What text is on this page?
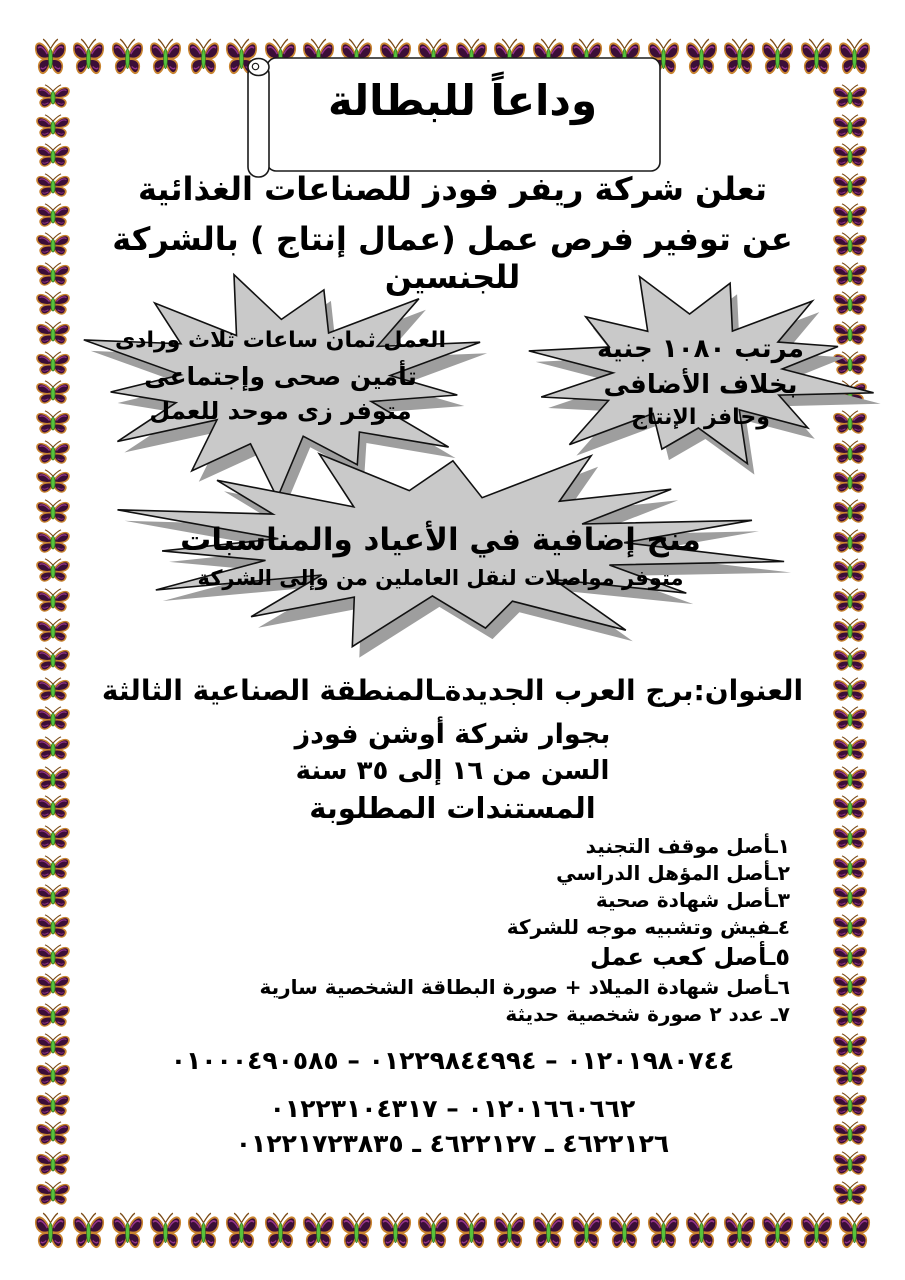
وداعاً للبطالة
تعلن شركة ريفر فودز للصناعات الغذائية
عن توفير فرص عمل (عمال إنتاج ) بالشركة للجنسين
العمل ثمان ساعات ثلاث ورادى
تأمين صحى وإجتماعى
متوفر زى موحد للعمل
مرتب ١٠٨٠ جنيه
بخلاف الأضافى
وحافز الإنتاج
منح إضافية في الأعياد والمناسبات
متوفر مواصلات لنقل العاملين من وإلى الشركة
العنوان:برج العرب الجديدةـالمنطقة الصناعية الثالثة
بجوار شركة أوشن فودز
السن من ١٦ إلى ٣٥ سنة
المستندات المطلوبة
١ـأصل موقف التجنيد
٢ـأصل المؤهل الدراسي
٣ـأصل شهادة صحية
٤ـفيش وتشبيه موجه للشركة
٥ـأصل كعب عمل
٦ـأصل شهادة الميلاد + صورة البطاقة الشخصية سارية
٧ـ عدد ٢ صورة شخصية حديثة
٠١٢٠١٩٨٠٧٤٤ – ٠١٢٢٩٨٤٤٩٩٤ – ٠١٠٠٠٤٩٠٥٨٥
٠١٢٠١٦٦٠٦٦٢ – ٠١٢٢٣١٠٤٣١٧
٤٦٢٢١٢٦ ـ ٤٦٢٢١٢٧ ـ ٠١٢٢١٧٢٣٨٣٥
